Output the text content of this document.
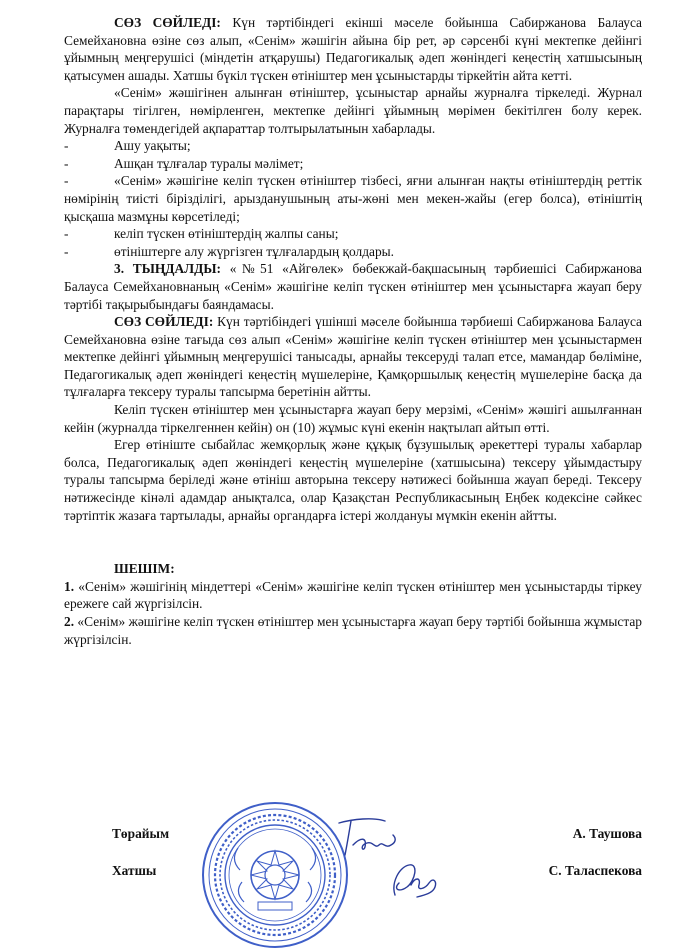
СӨЗ СӨЙЛЕДІ: Күн тәртібіндегі екінші мәселе бойынша Сабиржанова Балауса Семейхановна өзіне сөз алып, «Сенім» жәшігін айына бір рет, әр сәрсенбі күні мектепке дейінгі ұйымның меңгерушісі (міндетін атқарушы) Педагогикалық әдеп жөніндегі кеңестің хатшысының қатысумен ашады. Хатшы бүкіл түскен өтініштер мен ұсыныстарды тіркейтін айта кетті.

«Сенім» жәшігінен алынған өтініштер, ұсыныстар арнайы журналға тіркеледі. Журнал парақтары тігілген, нөмірленген, мектепке дейінгі ұйымның мөрімен бекітілген болу керек. Журналға төмендегідей ақпараттар толтырылатынын хабарлады.

-	Ашу уақыты;
-	Ашқан тұлғалар туралы мәлімет;
-	«Сенім» жәшігіне келіп түскен өтініштер тізбесі, яғни алынған нақты өтініштердің реттік нөмірінің тиісті біріздiлігі, арызданушының аты-жөні мен мекен-жайы (егер болса), өтініштің қысқаша мазмұны көрсетіледі;
-	келіп түскен өтініштердің жалпы саны;
-	өтініштерге алу жүргізген тұлғалардың қолдары.

3. ТЫҢДАЛДЫ: «№51 «Айгөлек» бөбекжай-бақшасының тәрбиешісі Сабиржанова Балауса Семейхановнаның «Сенім» жәшігіне келіп түскен өтініштер мен ұсыныстарға жауап беру тәртібі тақырыбындағы баяндамасы.

СӨЗ СӨЙЛЕДІ: Күн тәртібіндегі үшінші мәселе бойынша тәрбиеші Сабиржанова Балауса Семейхановна өзіне тағыда сөз алып «Сенім» жәшігіне келіп түскен өтініштер мен ұсыныстармен мектепке дейінгі ұйымның меңгерушісі танысады, арнайы тексеруді талап етсе, мамандар бөліміне, Педагогикалық әдеп жөніндегі кеңестің мүшелеріне, Қамқоршылық кеңестің мүшелеріне басқа да тұлғаларға тексеру туралы тапсырма беретінін айтты.

Келіп түскен өтініштер мен ұсыныстарға жауап беру мерзімі, «Сенім» жәшігі ашылғаннан кейін (журналда тіркелгеннен кейін) он (10) жұмыс күні екенін нақтылап айтып өтті.

Егер өтініште сыбайлас жемқорлық және құқық бұзушылық әрекеттері туралы хабарлар болса, Педагогикалық әдеп жөніндегі кеңестің мүшелеріне (хатшысына) тексеру ұйымдастыру туралы тапсырма беріледі және өтініш авторына тексеру нәтижесі бойынша жауап береді. Тексеру нәтижесінде кінәлі адамдар анықталса, олар Қазақстан Республикасының Еңбек кодексіне сәйкес тәртіптік жазаға тартылады, арнайы органдарға істері жолдануы мүмкін екенін айтты.

ШЕШІМ:

1. «Сенім» жәшігінің міндеттері «Сенім» жәшігіне келіп түскен өтініштер мен ұсыныстарды тіркеу ережеге сай жүргізілсін.

2. «Сенім» жәшігіне келіп түскен өтініштер мен ұсыныстарға жауап беру тәртібі бойынша жұмыстар жүргізілсін.

Төрайым	А. Таушова
Хатшы	С. Таласпекова
